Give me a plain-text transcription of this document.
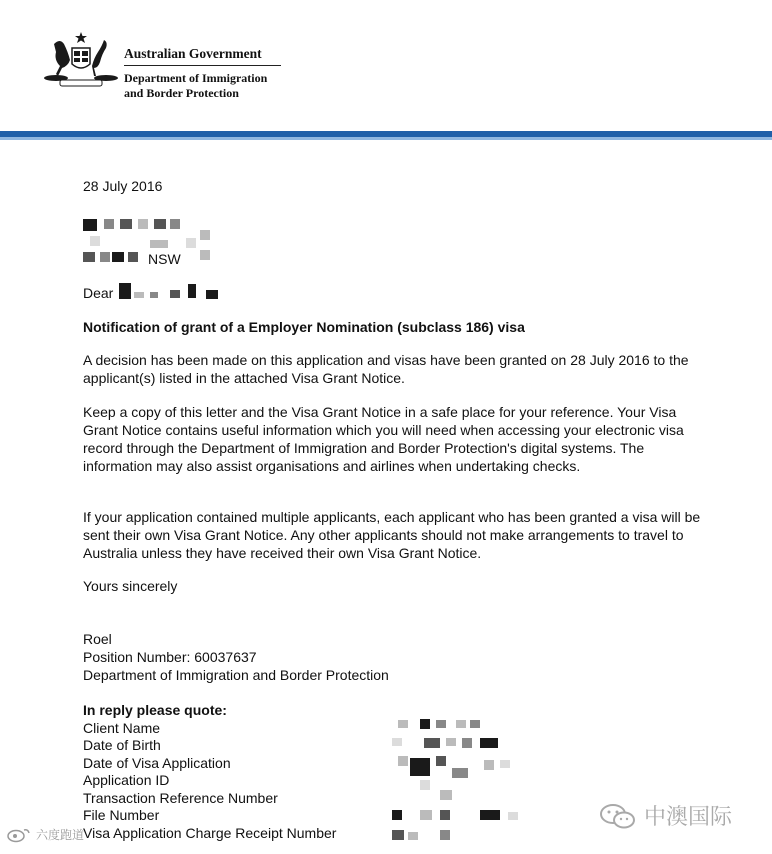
Australian Government
Department of Immigration
and Border Protection
28 July 2016
NSW
Dear
Notification of grant of a Employer Nomination (subclass 186) visa
A decision has been made on this application and visas have been granted on 28 July 2016 to the applicant(s) listed in the attached Visa Grant Notice.
Keep a copy of this letter and the Visa Grant Notice in a safe place for your reference. Your Visa Grant Notice contains useful information which you will need when accessing your electronic visa record through the Department of Immigration and Border Protection's digital systems. The information may also assist organisations and airlines when undertaking checks.
If your application contained multiple applicants, each applicant who has been granted a visa will be sent their own Visa Grant Notice. Any other applicants should not make arrangements to travel to Australia unless they have received their own Visa Grant Notice.
Yours sincerely
Roel
Position Number: 60037637
Department of Immigration and Border Protection
In reply please quote:
Client Name
Date of Birth
Date of Visa Application
Application ID
Transaction Reference Number
File Number
Visa Application Charge Receipt Number
中澳国际
六度跑道
